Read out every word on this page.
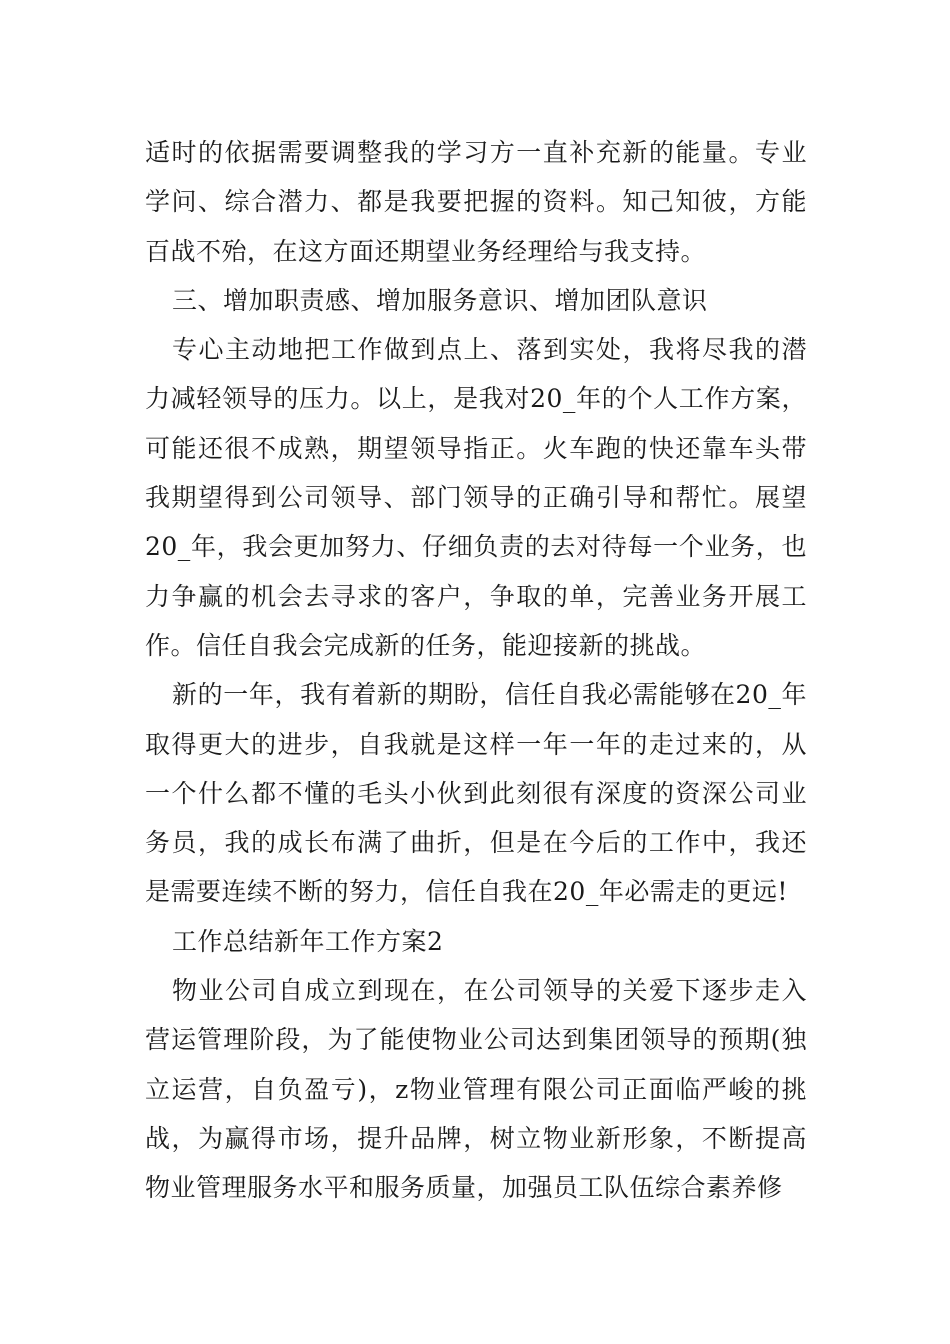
适时的依据需要调整我的学习方一直补充新的能量。专业学问、综合潜力、都是我要把握的资料。知己知彼，方能百战不殆，在这方面还期望业务经理给与我支持。

三、增加职责感、增加服务意识、增加团队意识

专心主动地把工作做到点上、落到实处，我将尽我的潜力减轻领导的压力。以上，是我对20_年的个人工作方案，可能还很不成熟，期望领导指正。火车跑的快还靠车头带我期望得到公司领导、部门领导的正确引导和帮忙。展望20_年，我会更加努力、仔细负责的去对待每一个业务，也力争赢的机会去寻求的客户，争取的单，完善业务开展工作。信任自我会完成新的任务，能迎接新的挑战。

新的一年，我有着新的期盼，信任自我必需能够在20_年取得更大的进步，自我就是这样一年一年的走过来的，从一个什么都不懂的毛头小伙到此刻很有深度的资深公司业务员，我的成长布满了曲折，但是在今后的工作中，我还是需要连续不断的努力，信任自我在20_年必需走的更远!

工作总结新年工作方案2

物业公司自成立到现在，在公司领导的关爱下逐步走入营运管理阶段，为了能使物业公司达到集团领导的预期(独立运营，自负盈亏)，z物业管理有限公司正面临严峻的挑战，为赢得市场，提升品牌，树立物业新形象，不断提高物业管理服务水平和服务质量，加强员工队伍综合素养修
